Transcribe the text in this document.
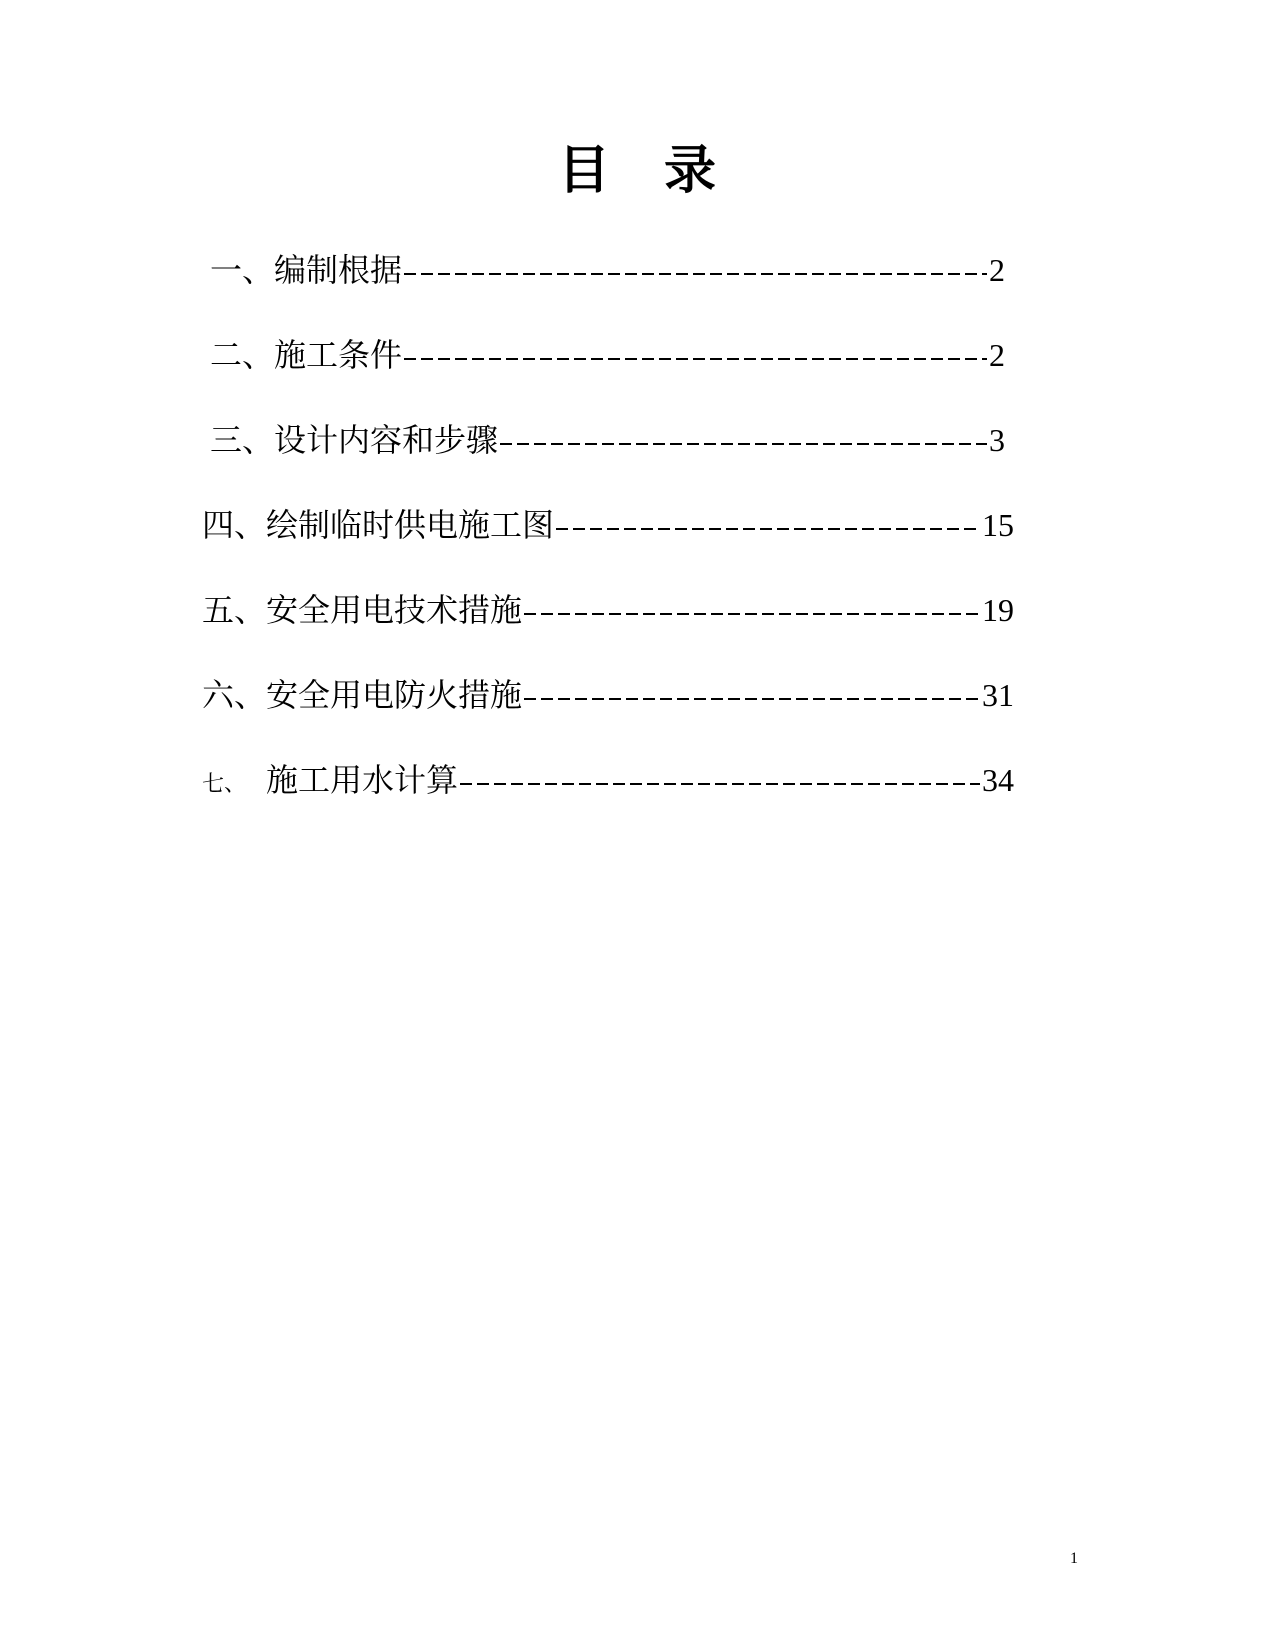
目　录
一、 编制根据	2
二、 施工条件	2
三、 设计内容和步骤	3
四、 绘制临时供电施工图	15
五、 安全用电技术措施	19
六、 安全用电防火措施	31
七、 施工用水计算	34
1
